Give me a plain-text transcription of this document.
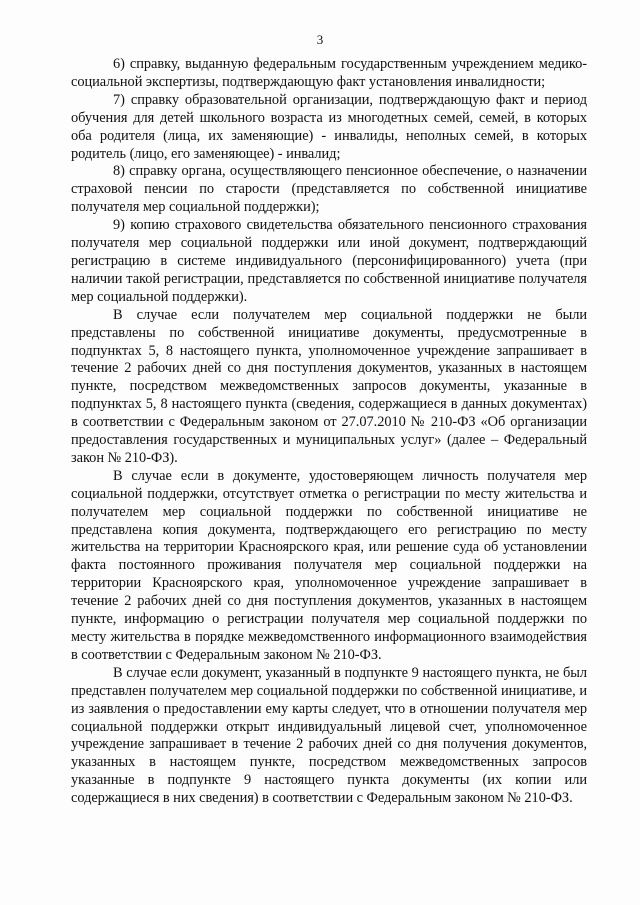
3

6) справку, выданную федеральным государственным учреждением медико-социальной экспертизы, подтверждающую факт установления инвалидности;

7) справку образовательной организации, подтверждающую факт и период обучения для детей школьного возраста из многодетных семей, семей, в которых оба родителя (лица, их заменяющие) - инвалиды, неполных семей, в которых родитель (лицо, его заменяющее) - инвалид;

8) справку органа, осуществляющего пенсионное обеспечение, о назначении страховой пенсии по старости (представляется по собственной инициативе получателя мер социальной поддержки);

9) копию страхового свидетельства обязательного пенсионного страхования получателя мер социальной поддержки или иной документ, подтверждающий регистрацию в системе индивидуального (персонифицированного) учета (при наличии такой регистрации, представляется по собственной инициативе получателя мер социальной поддержки).

В случае если получателем мер социальной поддержки не были представлены по собственной инициативе документы, предусмотренные в подпунктах 5, 8 настоящего пункта, уполномоченное учреждение запрашивает в течение 2 рабочих дней со дня поступления документов, указанных в настоящем пункте, посредством межведомственных запросов документы, указанные в подпунктах 5, 8 настоящего пункта (сведения, содержащиеся в данных документах) в соответствии с Федеральным законом от 27.07.2010 № 210-ФЗ «Об организации предоставления государственных и муниципальных услуг» (далее – Федеральный закон № 210-ФЗ).

В случае если в документе, удостоверяющем личность получателя мер социальной поддержки, отсутствует отметка о регистрации по месту жительства и получателем мер социальной поддержки по собственной инициативе не представлена копия документа, подтверждающего его регистрацию по месту жительства на территории Красноярского края, или решение суда об установлении факта постоянного проживания получателя мер социальной поддержки на территории Красноярского края, уполномоченное учреждение запрашивает в течение 2 рабочих дней со дня поступления документов, указанных в настоящем пункте, информацию о регистрации получателя мер социальной поддержки по месту жительства в порядке межведомственного информационного взаимодействия в соответствии с Федеральным законом № 210-ФЗ.

В случае если документ, указанный в подпункте 9 настоящего пункта, не был представлен получателем мер социальной поддержки по собственной инициативе, и из заявления о предоставлении ему карты следует, что в отношении получателя мер социальной поддержки открыт индивидуальный лицевой счет, уполномоченное учреждение запрашивает в течение 2 рабочих дней со дня получения документов, указанных в настоящем пункте, посредством межведомственных запросов указанные в подпункте 9 настоящего пункта документы (их копии или содержащиеся в них сведения) в соответствии с Федеральным законом № 210-ФЗ.
